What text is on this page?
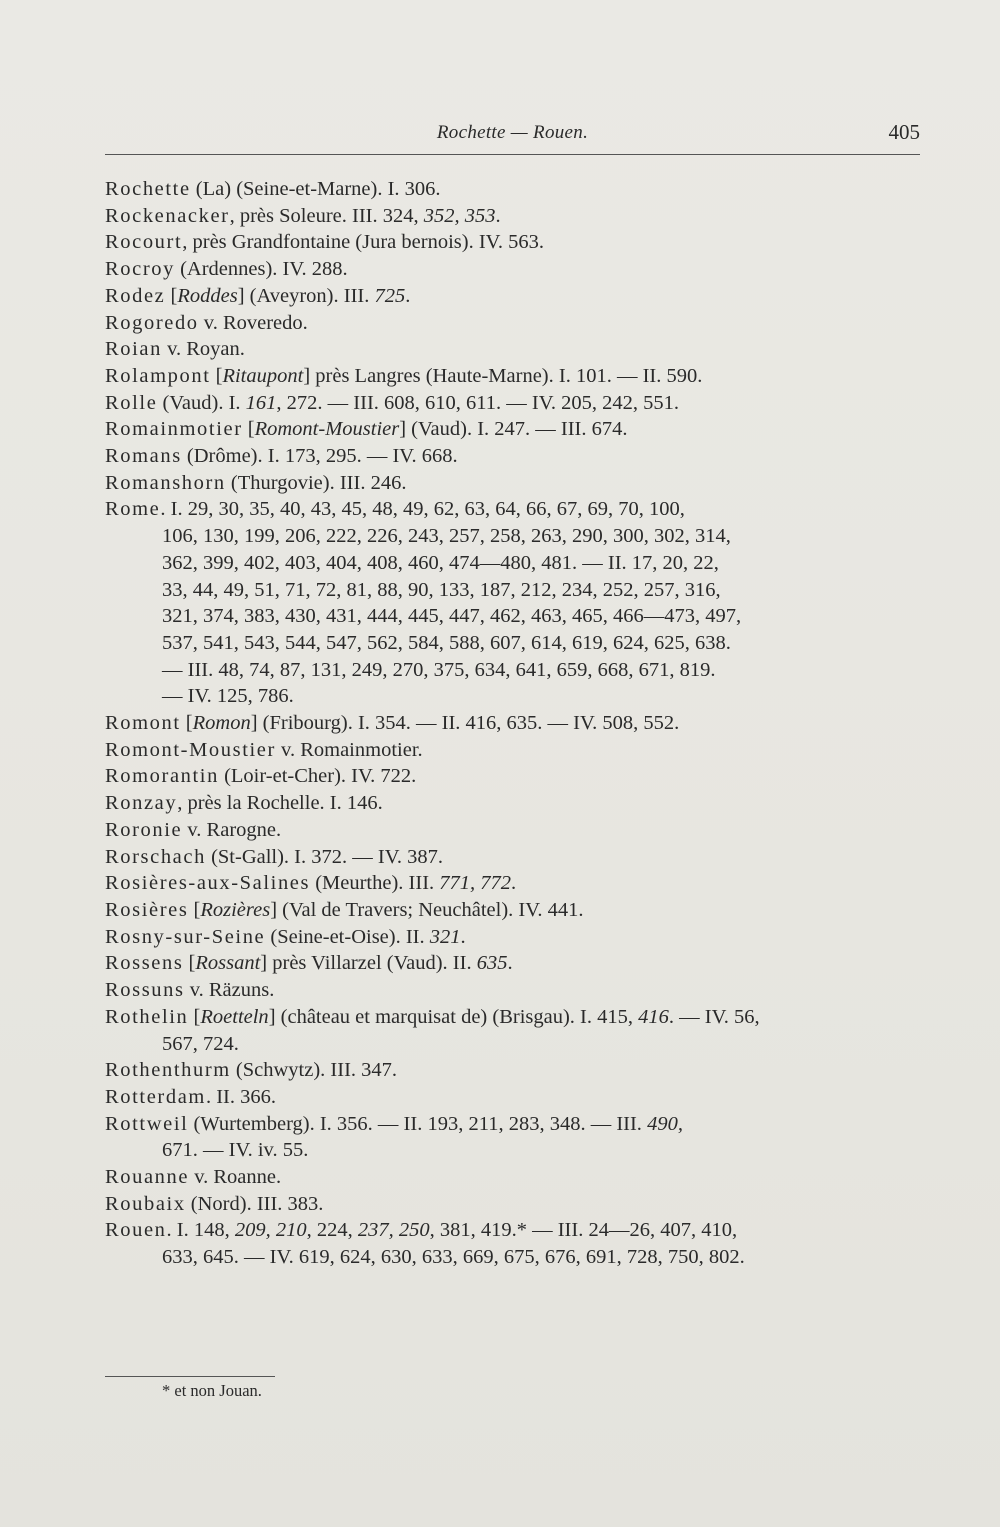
Rochette — Rouen.	405

Rochette (La) (Seine-et-Marne). I. 306.

Rockenacker, près Soleure. III. 324, 352, 353.

Rocourt, près Grandfontaine (Jura bernois). IV. 563.

Rocroy (Ardennes). IV. 288.

Rodez [Roddes] (Aveyron). III. 725.

Rogoredo v. Roveredo.

Roian v. Royan.

Rolampont [Ritaupont] près Langres (Haute-Marne). I. 101. — II. 590.

Rolle (Vaud). I. 161, 272. — III. 608, 610, 611. — IV. 205, 242, 551.

Romainmotier [Romont-Moustier] (Vaud). I. 247. — III. 674.

Romans (Drôme). I. 173, 295. — IV. 668.

Romanshorn (Thurgovie). III. 246.

Rome. I. 29, 30, 35, 40, 43, 45, 48, 49, 62, 63, 64, 66, 67, 69, 70, 100,

106, 130, 199, 206, 222, 226, 243, 257, 258, 263, 290, 300, 302, 314,

362, 399, 402, 403, 404, 408, 460, 474—480, 481. — II. 17, 20, 22,

33, 44, 49, 51, 71, 72, 81, 88, 90, 133, 187, 212, 234, 252, 257, 316,

321, 374, 383, 430, 431, 444, 445, 447, 462, 463, 465, 466—473, 497,

537, 541, 543, 544, 547, 562, 584, 588, 607, 614, 619, 624, 625, 638.

— III. 48, 74, 87, 131, 249, 270, 375, 634, 641, 659, 668, 671, 819.

— IV. 125, 786.

Romont [Romon] (Fribourg). I. 354. — II. 416, 635. — IV. 508, 552.

Romont-Moustier v. Romainmotier.

Romorantin (Loir-et-Cher). IV. 722.

Ronzay, près la Rochelle. I. 146.

Roronie v. Rarogne.

Rorschach (St-Gall). I. 372. — IV. 387.

Rosières-aux-Salines (Meurthe). III. 771, 772.

Rosières [Rozières] (Val de Travers; Neuchâtel). IV. 441.

Rosny-sur-Seine (Seine-et-Oise). II. 321.

Rossens [Rossant] près Villarzel (Vaud). II. 635.

Rossuns v. Räzuns.

Rothelin [Roetteln] (château et marquisat de) (Brisgau). I. 415, 416. — IV. 56,

567, 724.

Rothenthurm (Schwytz). III. 347.

Rotterdam. II. 366.

Rottweil (Wurtemberg). I. 356. — II. 193, 211, 283, 348. — III. 490,

671. — IV. iv. 55.

Rouanne v. Roanne.

Roubaix (Nord). III. 383.

Rouen. I. 148, 209, 210, 224, 237, 250, 381, 419.* — III. 24—26, 407, 410,

633, 645. — IV. 619, 624, 630, 633, 669, 675, 676, 691, 728, 750, 802.

* et non Jouan.
